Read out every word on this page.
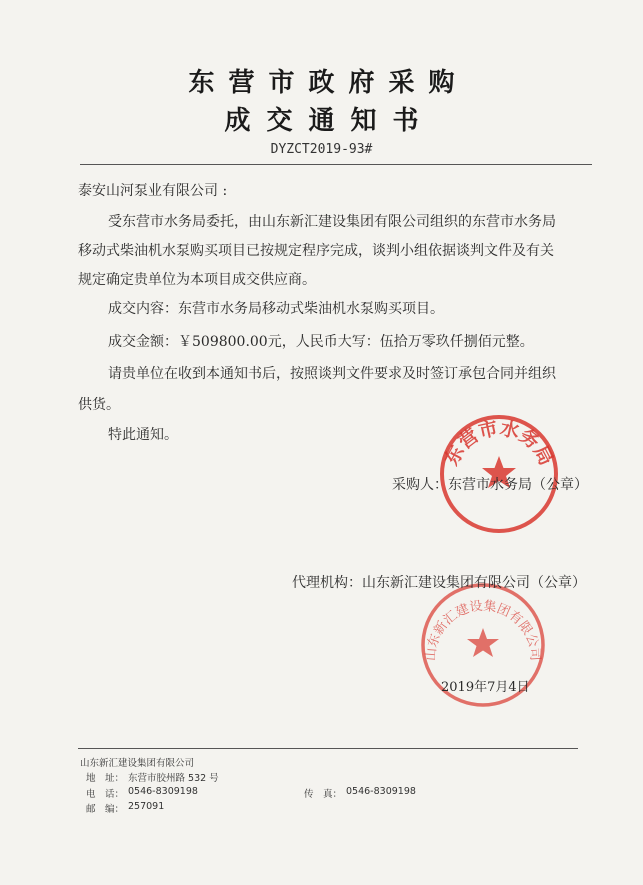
东营市政府采购
成交通知书
DYZCT2019-93#
泰安山河泵业有限公司 :
受东营市水务局委托，由山东新汇建设集团有限公司组织的东营市水务局
移动式柴油机水泵购买项目已按规定程序完成，谈判小组依据谈判文件及有关
规定确定贵单位为本项目成交供应商。
成交内容：东营市水务局移动式柴油机水泵购买项目。
成交金额：￥509800.00元，人民币大写：伍拾万零玖仟捌佰元整。
请贵单位在收到本通知书后，按照谈判文件要求及时签订承包合同并组织
供货。
特此通知。
东营市水务局
采购人：东营市水务局（公章）
山东新汇建设集团有限公司
代理机构：山东新汇建设集团有限公司（公章）
2019年7月4日
山东新汇建设集团有限公司
地　址： 东营市胶州路 532 号
电　话： 0546-8309198	传　真： 0546-8309198
邮　编： 257091
